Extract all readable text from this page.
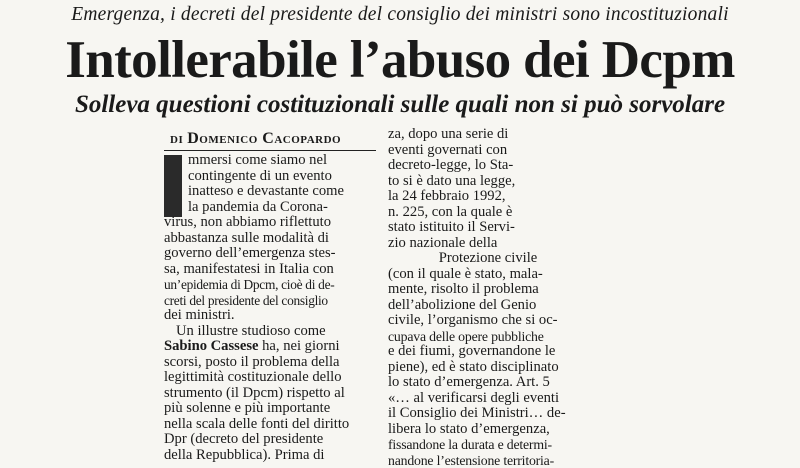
Emergenza, i decreti del presidente del consiglio dei ministri sono incostituzionali
Intollerabile l’abuso dei Dcpm
Solleva questioni costituzionali sulle quali non si può sorvolare
di Domenico Cacopardo
mmersi come siamo nel
contingente di un evento
inatteso e devastante come
la pandemia da Corona-
virus, non abbiamo riflettuto
abbastanza sulle modalità di
governo dell’emergenza stes-
sa, manifestatesi in Italia con
un’epidemia di Dpcm, cioè di de-
creti del presidente del consiglio
dei ministri.
Un illustre studioso come
Sabino Cassese ha, nei giorni
scorsi, posto il problema della
legittimità costituzionale dello
strumento (il Dpcm) rispetto al
più solenne e più importante
nella scala delle fonti del diritto
Dpr (decreto del presidente
della Repubblica). Prima di
za, dopo una serie di
eventi governati con
decreto-legge, lo Sta-
to si è dato una legge,
la 24 febbraio 1992,
n. 225, con la quale è
stato istituito il Servi-
zio nazionale della
Protezione civile
(con il quale è stato, mala-
mente, risolto il problema
dell’abolizione del Genio
civile, l’organismo che si oc-
cupava delle opere pubbliche
e dei fiumi, governandone le
piene), ed è stato disciplinato
lo stato d’emergenza. Art. 5
«… al verificarsi degli eventi
il Consiglio dei Ministri… de-
libera lo stato d’emergenza,
fissandone la durata e determi-
nandone l’estensione territoria-
